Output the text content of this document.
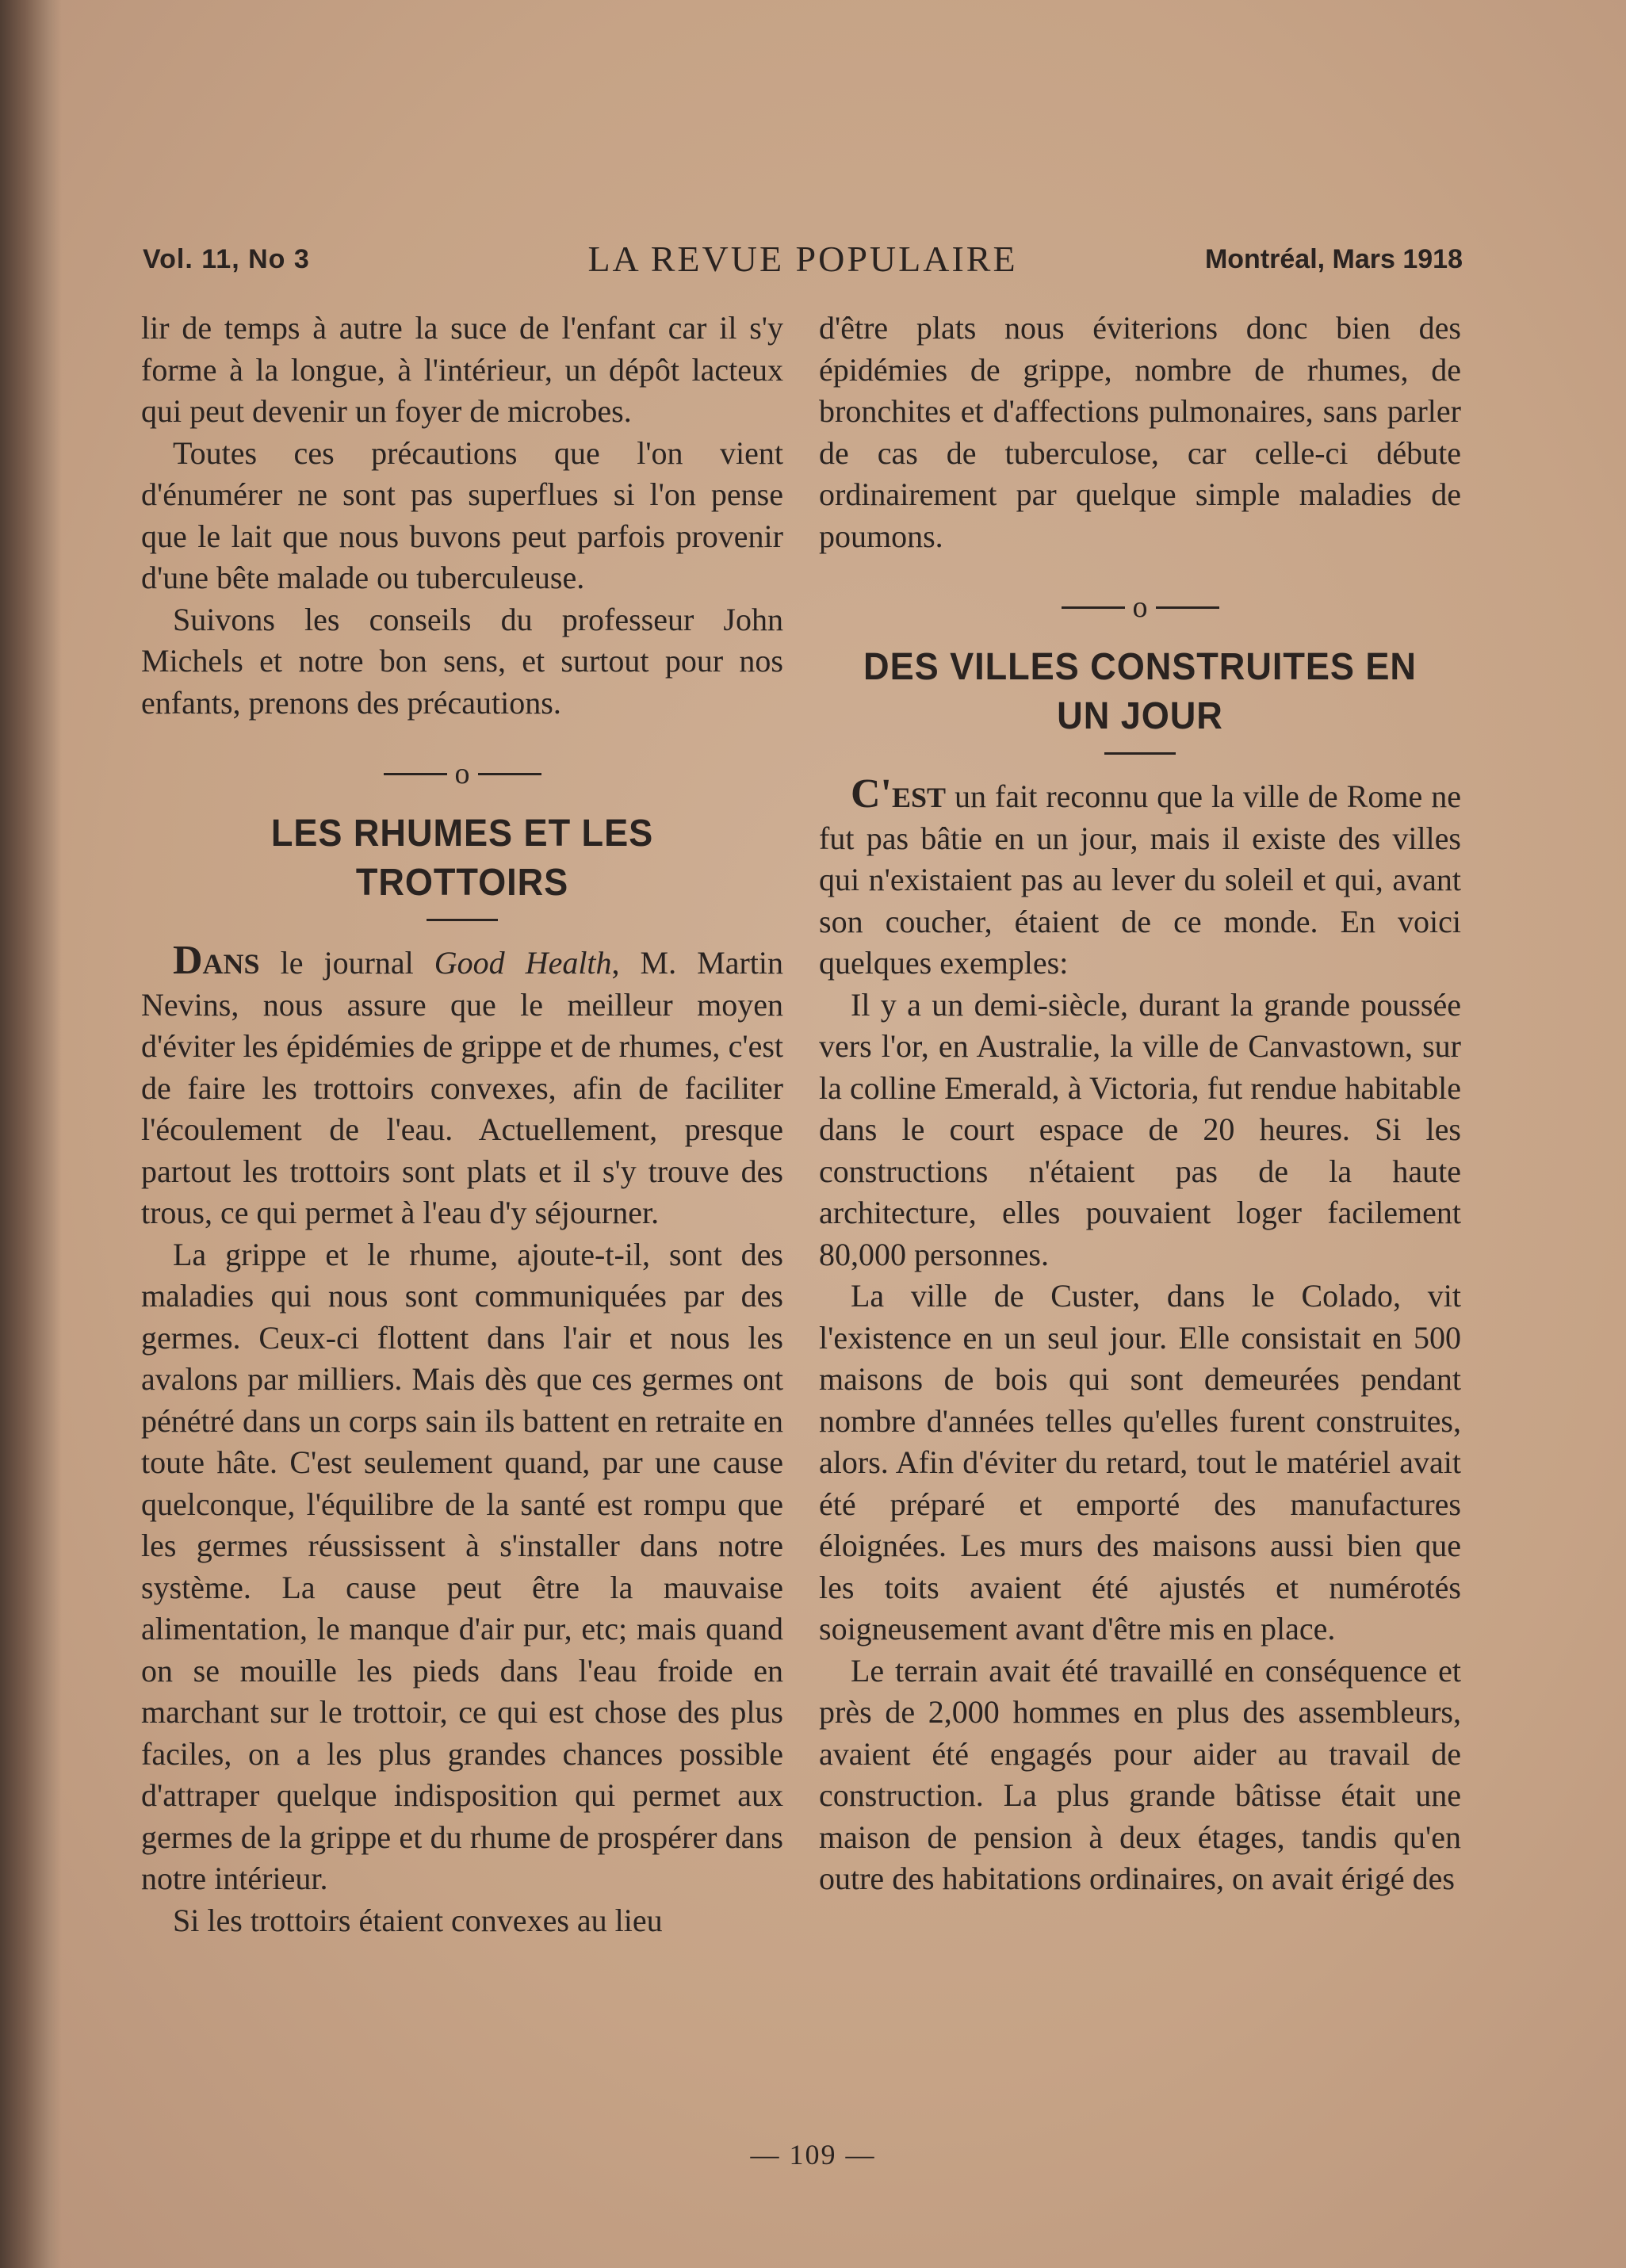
Vol. 11, No 3	LA REVUE POPULAIRE	Montréal, Mars 1918

lir de temps à autre la suce de l'enfant car il s'y forme à la longue, à l'intérieur, un dépôt lacteux qui peut devenir un foyer de microbes.

Toutes ces précautions que l'on vient d'énumérer ne sont pas superflues si l'on pense que le lait que nous buvons peut parfois provenir d'une bête malade ou tuberculeuse.

Suivons les conseils du professeur John Michels et notre bon sens, et surtout pour nos enfants, prenons des précautions.

o
LES RHUMES ET LES TROTTOIRS

Dans le journal Good Health, M. Martin Nevins, nous assure que le meilleur moyen d'éviter les épidémies de grippe et de rhumes, c'est de faire les trottoirs convexes, afin de faciliter l'écoulement de l'eau. Actuellement, presque partout les trottoirs sont plats et il s'y trouve des trous, ce qui permet à l'eau d'y séjourner.

La grippe et le rhume, ajoute-t-il, sont des maladies qui nous sont communiquées par des germes. Ceux-ci flottent dans l'air et nous les avalons par milliers. Mais dès que ces germes ont pénétré dans un corps sain ils battent en retraite en toute hâte. C'est seulement quand, par une cause quelconque, l'équilibre de la santé est rompu que les germes réussissent à s'installer dans notre système. La cause peut être la mauvaise alimentation, le manque d'air pur, etc; mais quand on se mouille les pieds dans l'eau froide en marchant sur le trottoir, ce qui est chose des plus faciles, on a les plus grandes chances possible d'attraper quelque indisposition qui permet aux germes de la grippe et du rhume de prospérer dans notre intérieur.

Si les trottoirs étaient convexes au lieu

d'être plats nous éviterions donc bien des épidémies de grippe, nombre de rhumes, de bronchites et d'affections pulmonaires, sans parler de cas de tuberculose, car celle-ci débute ordinairement par quelque simple maladies de poumons.

o
DES VILLES CONSTRUITES EN UN JOUR

C'est un fait reconnu que la ville de Rome ne fut pas bâtie en un jour, mais il existe des villes qui n'existaient pas au lever du soleil et qui, avant son coucher, étaient de ce monde. En voici quelques exemples:

Il y a un demi-siècle, durant la grande poussée vers l'or, en Australie, la ville de Canvastown, sur la colline Emerald, à Victoria, fut rendue habitable dans le court espace de 20 heures. Si les constructions n'étaient pas de la haute architecture, elles pouvaient loger facilement 80,000 personnes.

La ville de Custer, dans le Colado, vit l'existence en un seul jour. Elle consistait en 500 maisons de bois qui sont demeurées pendant nombre d'années telles qu'elles furent construites, alors. Afin d'éviter du retard, tout le matériel avait été préparé et emporté des manufactures éloignées. Les murs des maisons aussi bien que les toits avaient été ajustés et numérotés soigneusement avant d'être mis en place.

Le terrain avait été travaillé en conséquence et près de 2,000 hommes en plus des assembleurs, avaient été engagés pour aider au travail de construction. La plus grande bâtisse était une maison de pension à deux étages, tandis qu'en outre des habitations ordinaires, on avait érigé des

— 109 —
